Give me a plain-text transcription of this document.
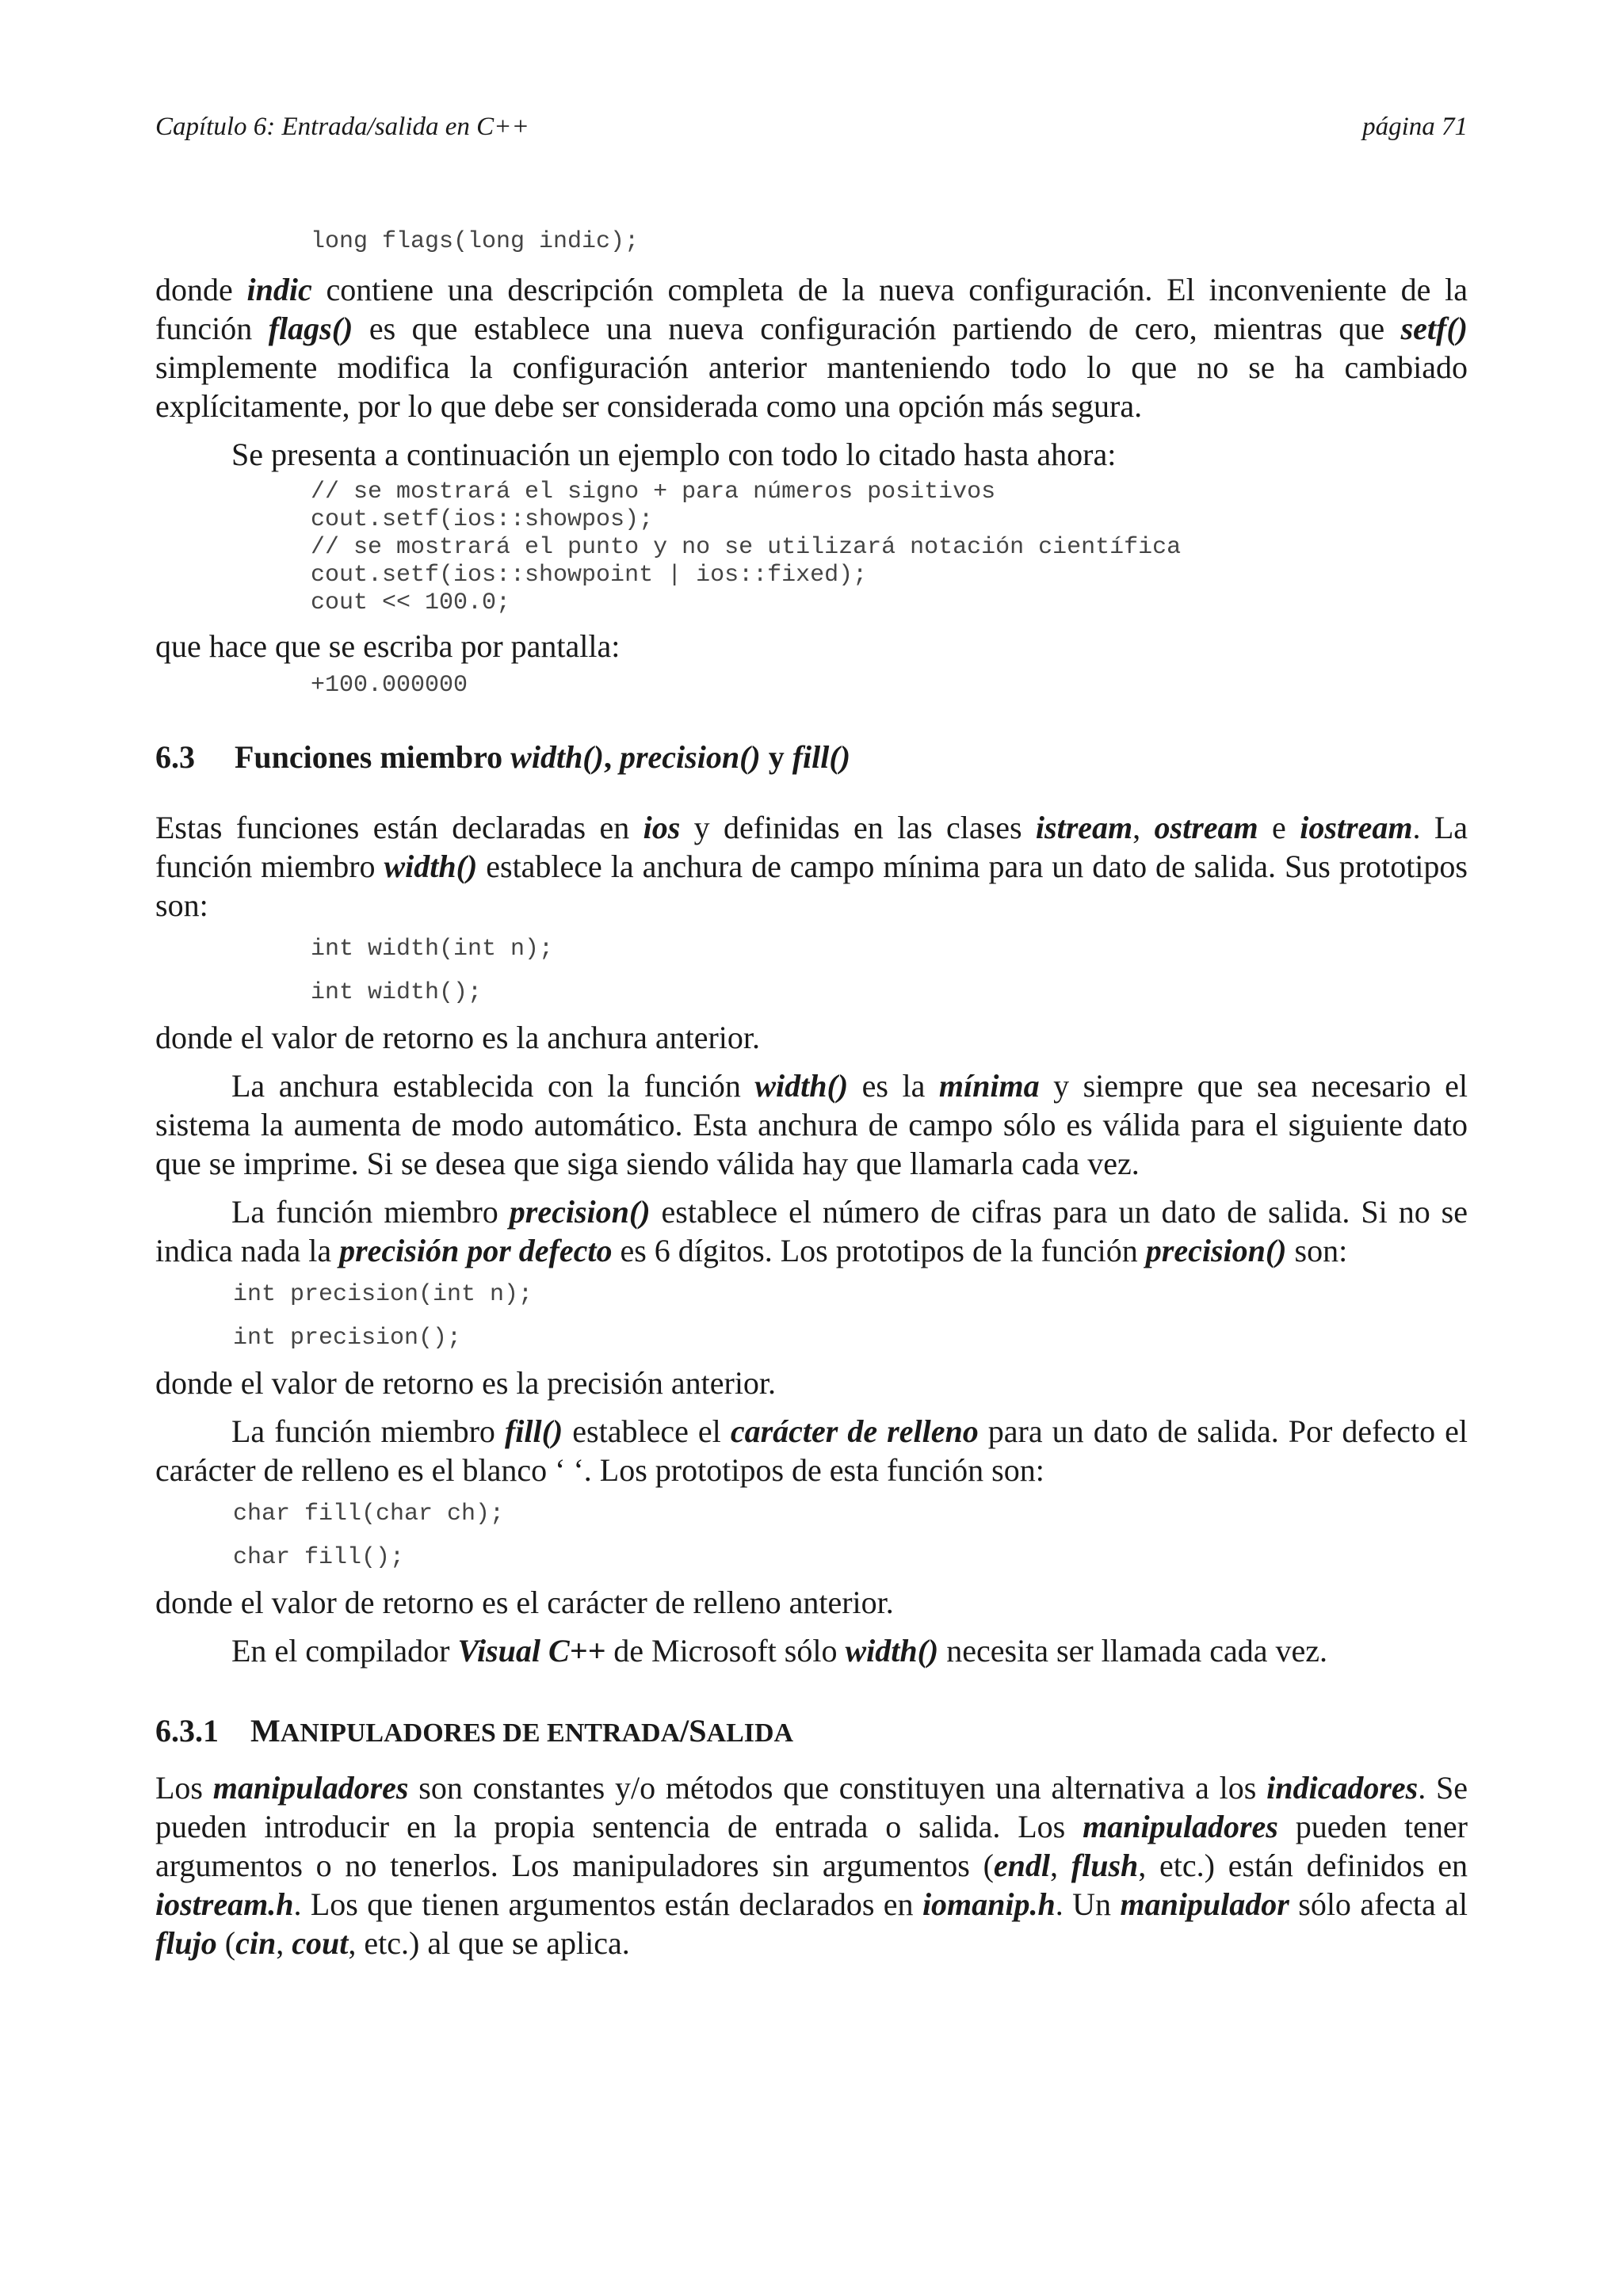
Capítulo 6: Entrada/salida en C++	página 71
long flags(long indic);

donde indic contiene una descripción completa de la nueva configuración. El inconveniente de la función flags() es que establece una nueva configuración partiendo de cero, mientras que setf() simplemente modifica la configuración anterior manteniendo todo lo que no se ha cambiado explícitamente, por lo que debe ser considerada como una opción más segura.

Se presenta a continuación un ejemplo con todo lo citado hasta ahora:

// se mostrará el signo + para números positivos
cout.setf(ios::showpos);
// se mostrará el punto y no se utilizará notación científica
cout.setf(ios::showpoint | ios::fixed);
cout << 100.0;

que hace que se escriba por pantalla:

+100.000000
6.3 Funciones miembro width(), precision() y fill()

Estas funciones están declaradas en ios y definidas en las clases istream, ostream e iostream. La función miembro width() establece la anchura de campo mínima para un dato de salida. Sus prototipos son:

int width(int n);
int width();

donde el valor de retorno es la anchura anterior.

La anchura establecida con la función width() es la mínima y siempre que sea necesario el sistema la aumenta de modo automático. Esta anchura de campo sólo es válida para el siguiente dato que se imprime. Si se desea que siga siendo válida hay que llamarla cada vez.

La función miembro precision() establece el número de cifras para un dato de salida. Si no se indica nada la precisión por defecto es 6 dígitos. Los prototipos de la función precision() son:

int precision(int n);
int precision();

donde el valor de retorno es la precisión anterior.

La función miembro fill() establece el carácter de relleno para un dato de salida. Por defecto el carácter de relleno es el blanco ‘ ‘. Los prototipos de esta función son:

char fill(char ch);
char fill();

donde el valor de retorno es el carácter de relleno anterior.

En el compilador Visual C++ de Microsoft sólo width() necesita ser llamada cada vez.

6.3.1 MANIPULADORES DE ENTRADA/SALIDA

Los manipuladores son constantes y/o métodos que constituyen una alternativa a los indicadores. Se pueden introducir en la propia sentencia de entrada o salida. Los manipuladores pueden tener argumentos o no tenerlos. Los manipuladores sin argumentos (endl, flush, etc.) están definidos en iostream.h. Los que tienen argumentos están declarados en iomanip.h. Un manipulador sólo afecta al flujo (cin, cout, etc.) al que se aplica.
